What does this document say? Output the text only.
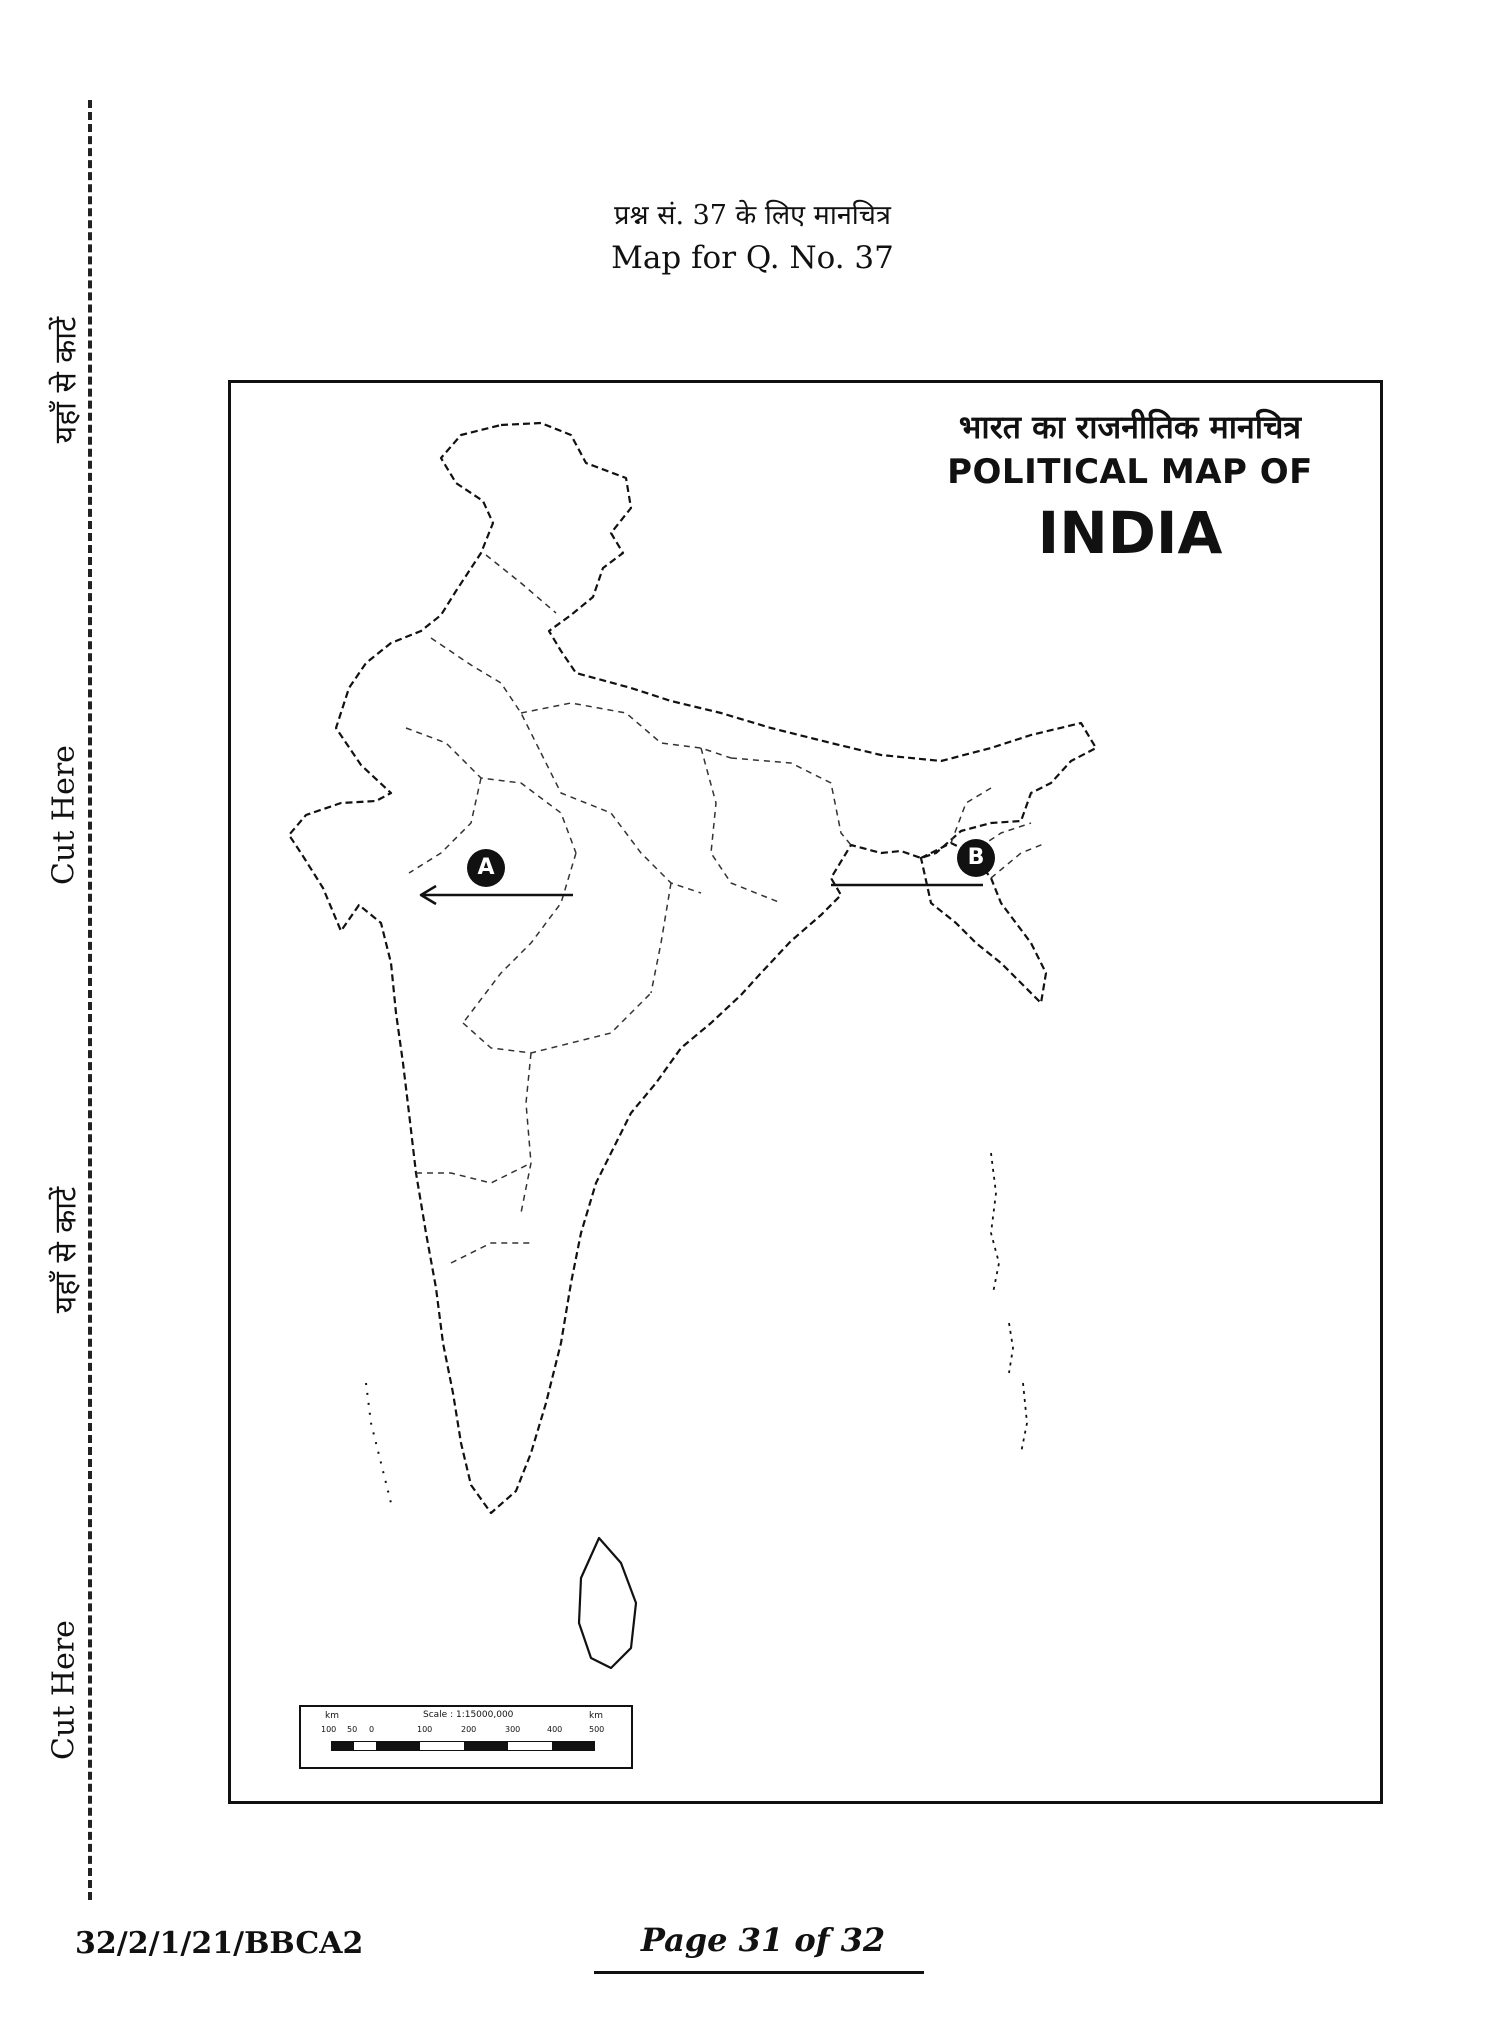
यहाँ से काटें
Cut Here
यहाँ से काटें
Cut Here
प्रश्न सं. 37 के लिए मानचित्र
Map for Q. No. 37
भारत का राजनीतिक मानचित्र
POLITICAL MAP OF
INDIA
A	B
km	Scale : 1:15000,000	km
100 50 0	100	200	300	400	500
32/2/1/21/BBCA2	Page 31 of 32
